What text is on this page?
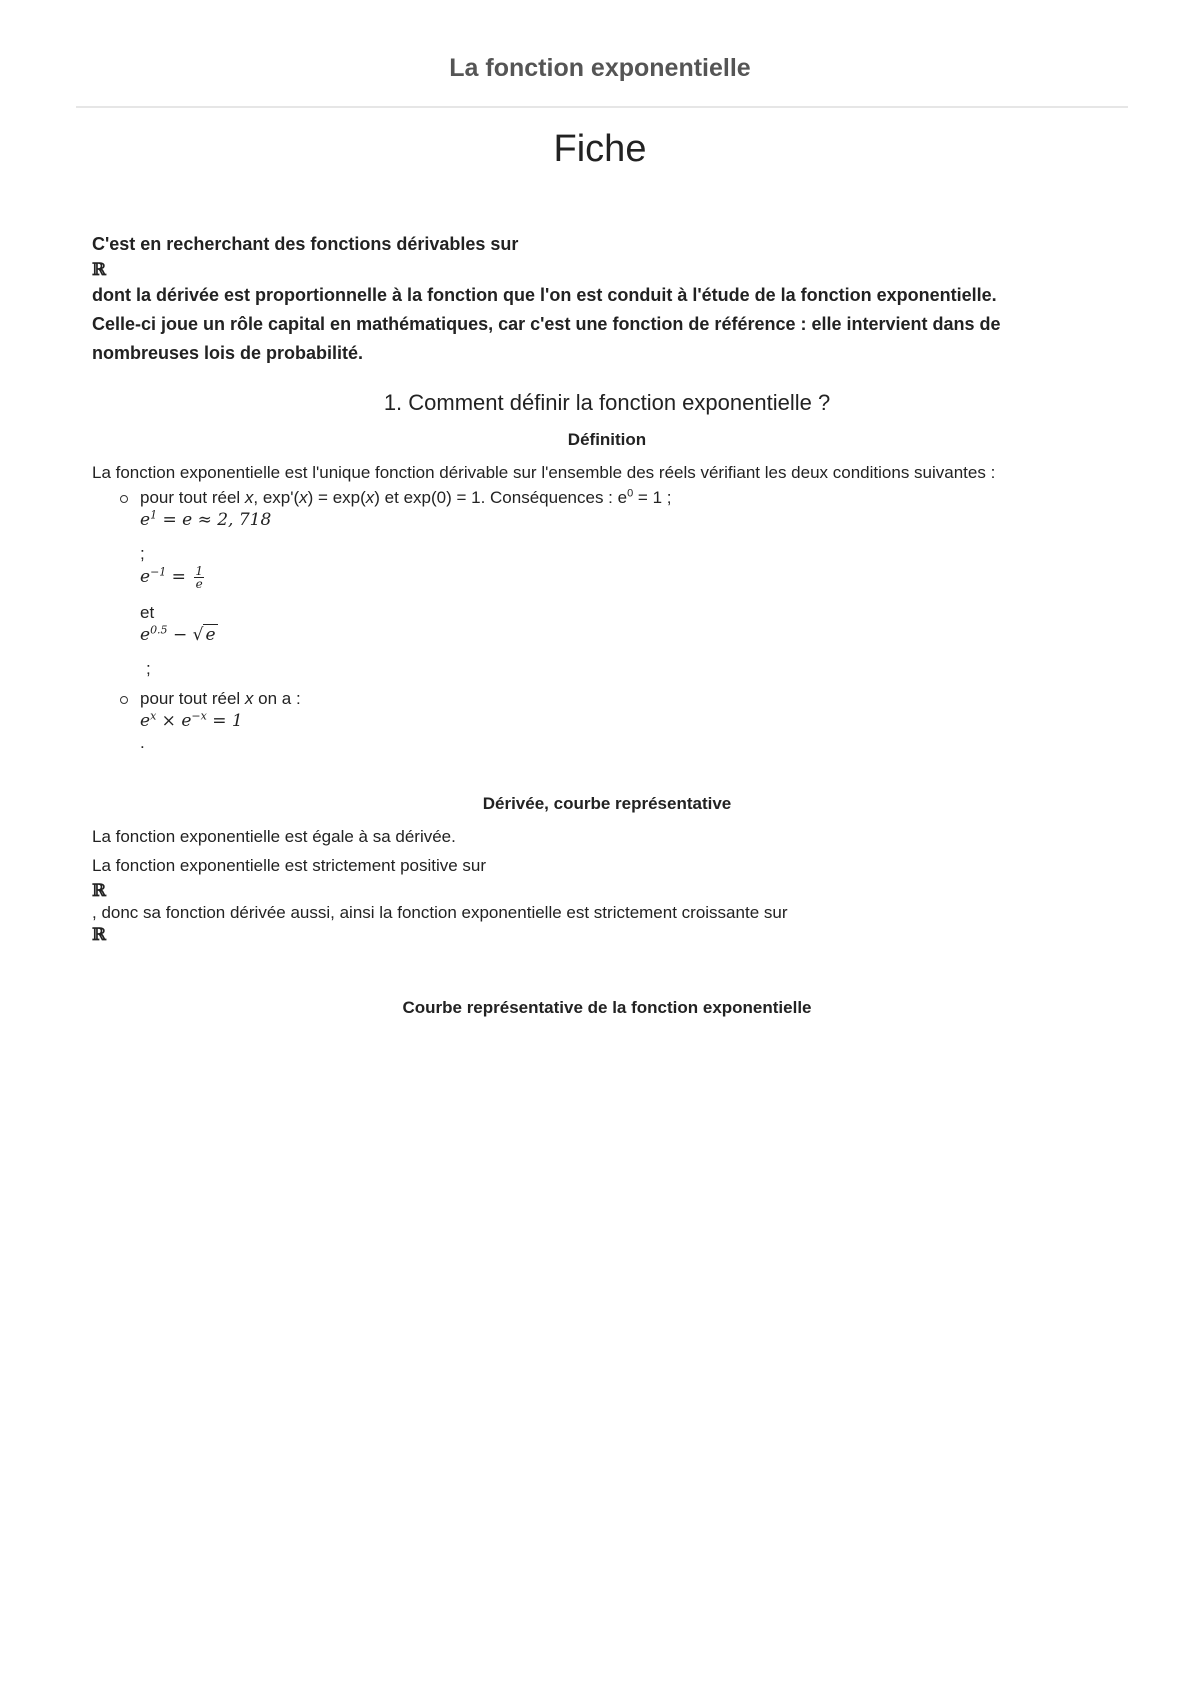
La fonction exponentielle
Fiche

C'est en recherchant des fonctions dérivables sur
ℝ
dont la dérivée est proportionnelle à la fonction que l'on est conduit à l'étude de la fonction exponentielle.
Celle-ci joue un rôle capital en mathématiques, car c'est une fonction de référence : elle intervient dans de
nombreuses lois de probabilité.

1. Comment définir la fonction exponentielle ?
Définition

La fonction exponentielle est l'unique fonction dérivable sur l'ensemble des réels vérifiant les deux conditions suivantes :

pour tout réel x, exp'(x) = exp(x) et exp(0) = 1. Conséquences : $e^0 = 1$ ;
$e^1 = e \approx 2$, 718
;
$e^{-1} = \frac{1}{e}$
et
$e^{0.5}$ − √ e
;
pour tout réel x on a :
$e^x \times e^{-x} = 1$
.
Dérivée, courbe représentative

La fonction exponentielle est égale à sa dérivée.

La fonction exponentielle est strictement positive sur

ℝ

, donc sa fonction dérivée aussi, ainsi la fonction exponentielle est strictement croissante sur

ℝ
Courbe représentative de la fonction exponentielle
